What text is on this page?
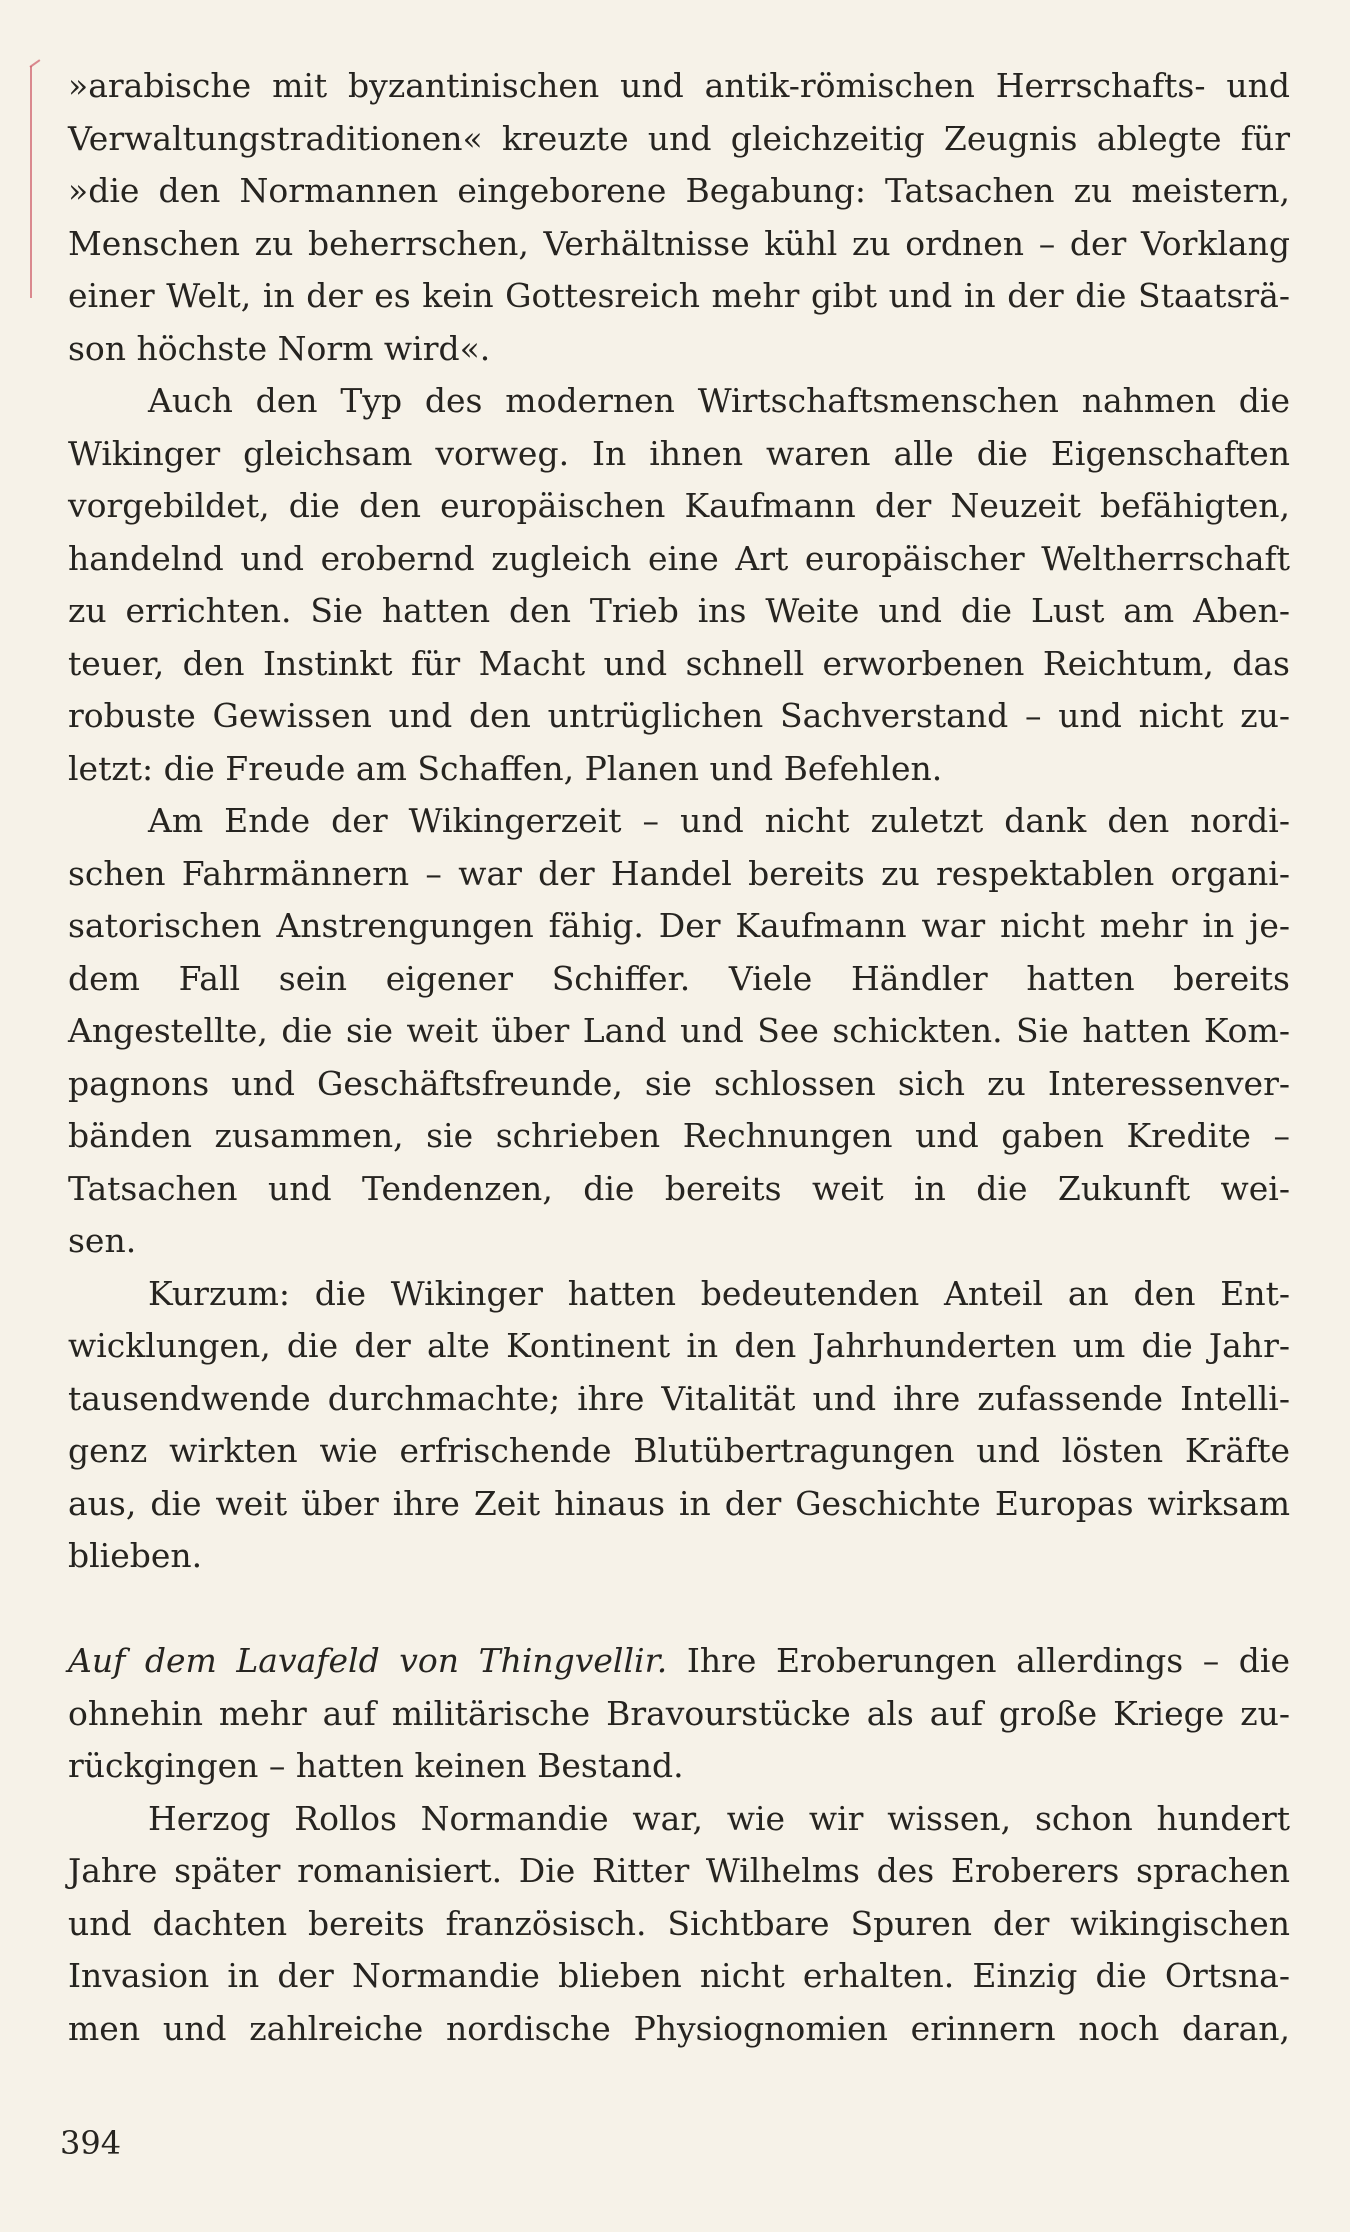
»arabische mit byzantinischen und antik-römischen Herrschafts- und
Verwaltungstraditionen« kreuzte und gleichzeitig Zeugnis ablegte für
»die den Normannen eingeborene Begabung: Tatsachen zu meistern,
Menschen zu beherrschen, Verhältnisse kühl zu ordnen – der Vorklang
einer Welt, in der es kein Gottesreich mehr gibt und in der die Staatsrä-
son höchste Norm wird«.
Auch den Typ des modernen Wirtschaftsmenschen nahmen die
Wikinger gleichsam vorweg. In ihnen waren alle die Eigenschaften
vorgebildet, die den europäischen Kaufmann der Neuzeit befähigten,
handelnd und erobernd zugleich eine Art europäischer Weltherrschaft
zu errichten. Sie hatten den Trieb ins Weite und die Lust am Aben-
teuer, den Instinkt für Macht und schnell erworbenen Reichtum, das
robuste Gewissen und den untrüglichen Sachverstand – und nicht zu-
letzt: die Freude am Schaffen, Planen und Befehlen.
Am Ende der Wikingerzeit – und nicht zuletzt dank den nordi-
schen Fahrmännern – war der Handel bereits zu respektablen organi-
satorischen Anstrengungen fähig. Der Kaufmann war nicht mehr in je-
dem Fall sein eigener Schiffer. Viele Händler hatten bereits
Angestellte, die sie weit über Land und See schickten. Sie hatten Kom-
pagnons und Geschäftsfreunde, sie schlossen sich zu Interessenver-
bänden zusammen, sie schrieben Rechnungen und gaben Kredite –
Tatsachen und Tendenzen, die bereits weit in die Zukunft wei-
sen.
Kurzum: die Wikinger hatten bedeutenden Anteil an den Ent-
wicklungen, die der alte Kontinent in den Jahrhunderten um die Jahr-
tausendwende durchmachte; ihre Vitalität und ihre zufassende Intelli-
genz wirkten wie erfrischende Blutübertragungen und lösten Kräfte
aus, die weit über ihre Zeit hinaus in der Geschichte Europas wirksam
blieben.
Auf dem Lavafeld von Thingvellir. Ihre Eroberungen allerdings – die
ohnehin mehr auf militärische Bravourstücke als auf große Kriege zu-
rückgingen – hatten keinen Bestand.
Herzog Rollos Normandie war, wie wir wissen, schon hundert
Jahre später romanisiert. Die Ritter Wilhelms des Eroberers sprachen
und dachten bereits französisch. Sichtbare Spuren der wikingischen
Invasion in der Normandie blieben nicht erhalten. Einzig die Ortsna-
men und zahlreiche nordische Physiognomien erinnern noch daran,
394
